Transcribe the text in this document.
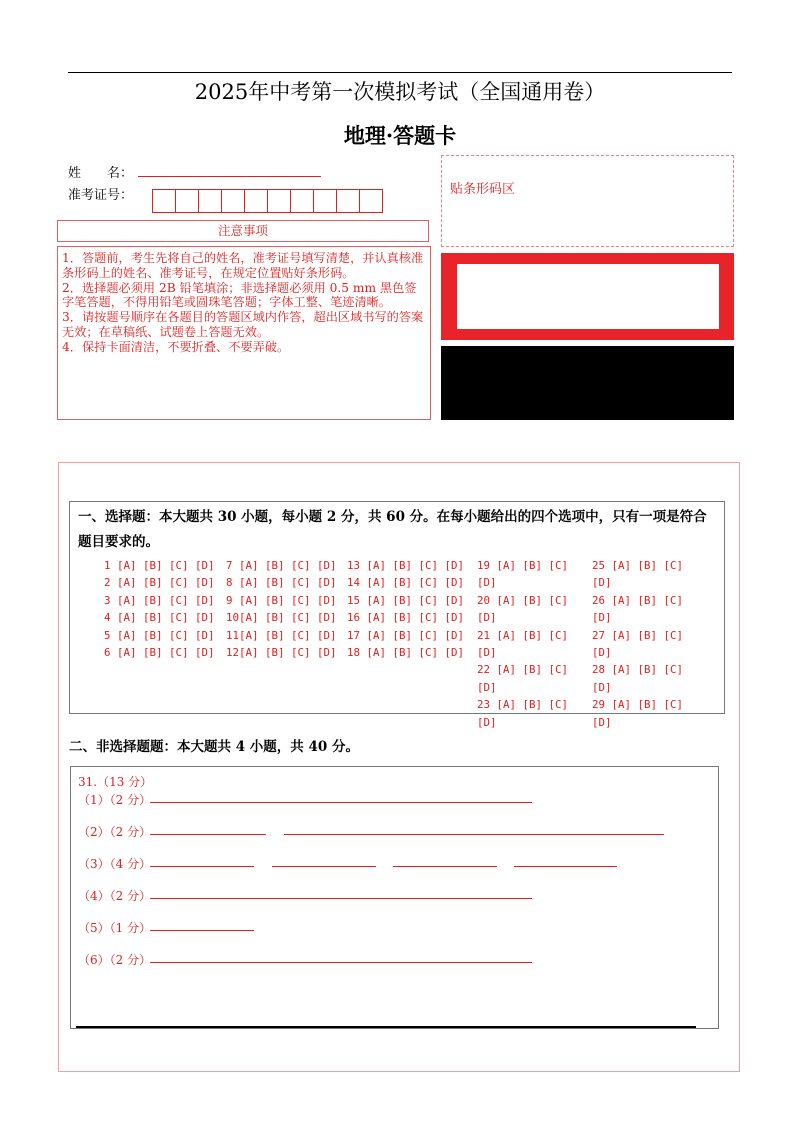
2025年中考第一次模拟考试（全国通用卷）
地理·答题卡
姓　　名：
准考证号：
注意事项

1．答题前，考生先将自己的姓名，准考证号填写清楚，并认真核准条形码上的姓名、准考证号，在规定位置贴好条形码。

2．选择题必须用 2B 铅笔填涂；非选择题必须用 0.5 mm 黑色签字笔答题，不得用铅笔或圆珠笔答题；字体工整、笔迹清晰。

3．请按题号顺序在各题目的答题区域内作答，超出区域书写的答案无效；在草稿纸、试题卷上答题无效。

4．保持卡面清洁，不要折叠、不要弄破。

贴条形码区
一、选择题：本大题共 30 小题，每小题 2 分，共 60 分。在每小题给出的四个选项中，只有一项是符合题目要求的。
1 [A] [B] [C] [D]
2 [A] [B] [C] [D]
3 [A] [B] [C] [D]
4 [A] [B] [C] [D]
5 [A] [B] [C] [D]
6 [A] [B] [C] [D]
7 [A] [B] [C] [D]
8 [A] [B] [C] [D]
9 [A] [B] [C] [D]
10[A] [B] [C] [D]
11[A] [B] [C] [D]
12[A] [B] [C] [D]
13 [A] [B] [C] [D]
14 [A] [B] [C] [D]
15 [A] [B] [C] [D]
16 [A] [B] [C] [D]
17 [A] [B] [C] [D]
18 [A] [B] [C] [D]
19 [A] [B] [C] [D]
20 [A] [B] [C] [D]
21 [A] [B] [C] [D]
22 [A] [B] [C] [D]
23 [A] [B] [C] [D]
25 [A] [B] [C] [D]
26 [A] [B] [C] [D]
27 [A] [B] [C] [D]
28 [A] [B] [C] [D]
29 [A] [B] [C] [D]
二、非选择题题：本大题共 4 小题，共 40 分。
31.（13 分）
（1）（2 分）
（2）（2 分）
（3）（4 分）
（4）（2 分）
（5）（1 分）
（6）（2 分）
